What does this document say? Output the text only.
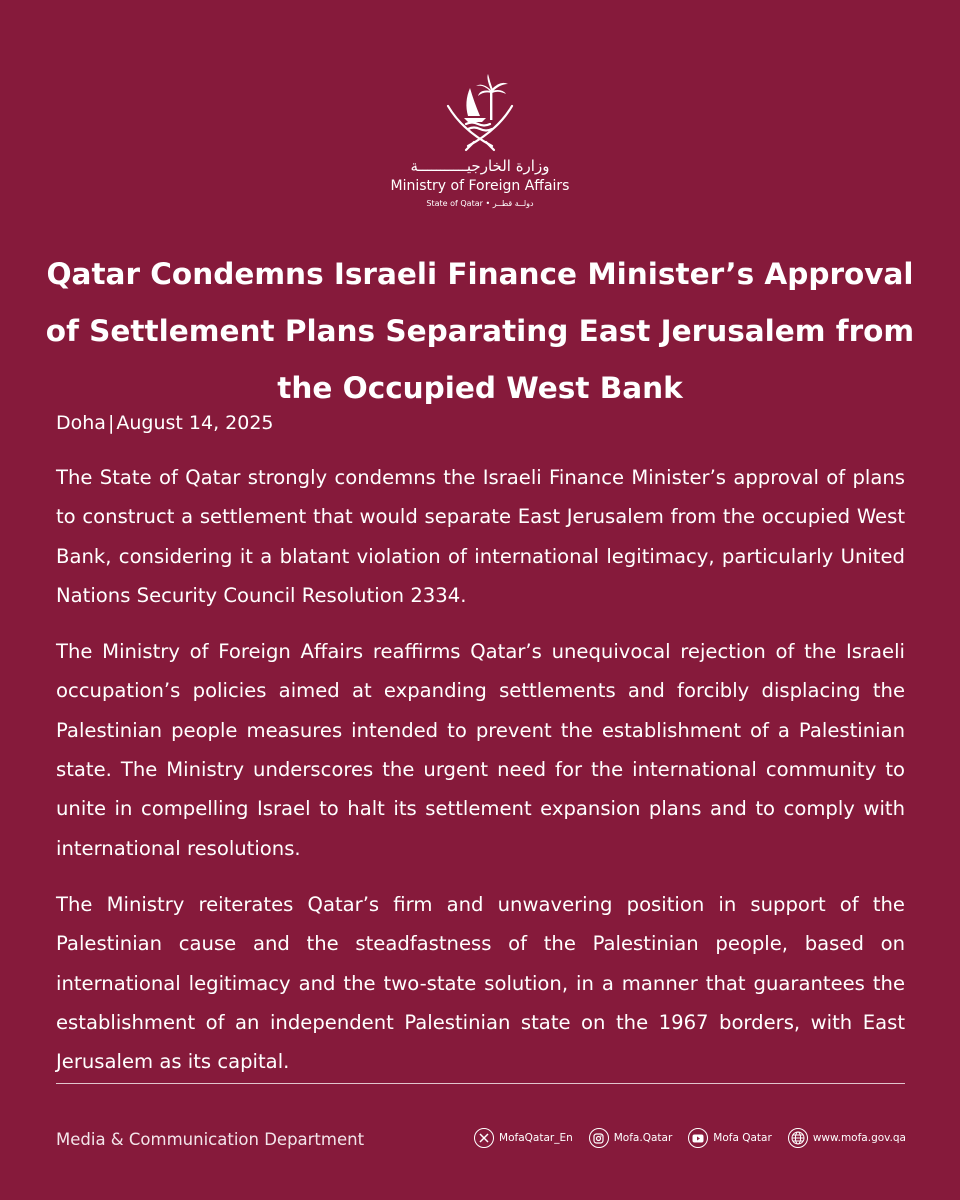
وزارة الخارجيـــــــــــة
Ministry of Foreign Affairs
State of Qatar • دولــة قطــر
Qatar Condemns Israeli Finance Minister’s Approval of Settlement Plans Separating East Jerusalem from the Occupied West Bank
Doha | August 14, 2025

The State of Qatar strongly condemns the Israeli Finance Minister’s approval of plans to construct a settlement that would separate East Jerusalem from the occupied West Bank, considering it a blatant violation of international legitimacy, particularly United Nations Security Council Resolution 2334.

The Ministry of Foreign Affairs reaffirms Qatar’s unequivocal rejection of the Israeli occupation’s policies aimed at expanding settlements and forcibly displacing the Palestinian people measures intended to prevent the establishment of a Palestinian state. The Ministry underscores the urgent need for the international community to unite in compelling Israel to halt its settlement expansion plans and to comply with international resolutions.

The Ministry reiterates Qatar’s firm and unwavering position in support of the Palestinian cause and the steadfastness of the Palestinian people, based on international legitimacy and the two-state solution, in a manner that guarantees the establishment of an independent Palestinian state on the 1967 borders, with East Jerusalem as its capital.

Media & Communication Department	MofaQatar_En	Mofa.Qatar	Mofa Qatar	www.mofa.gov.qa
